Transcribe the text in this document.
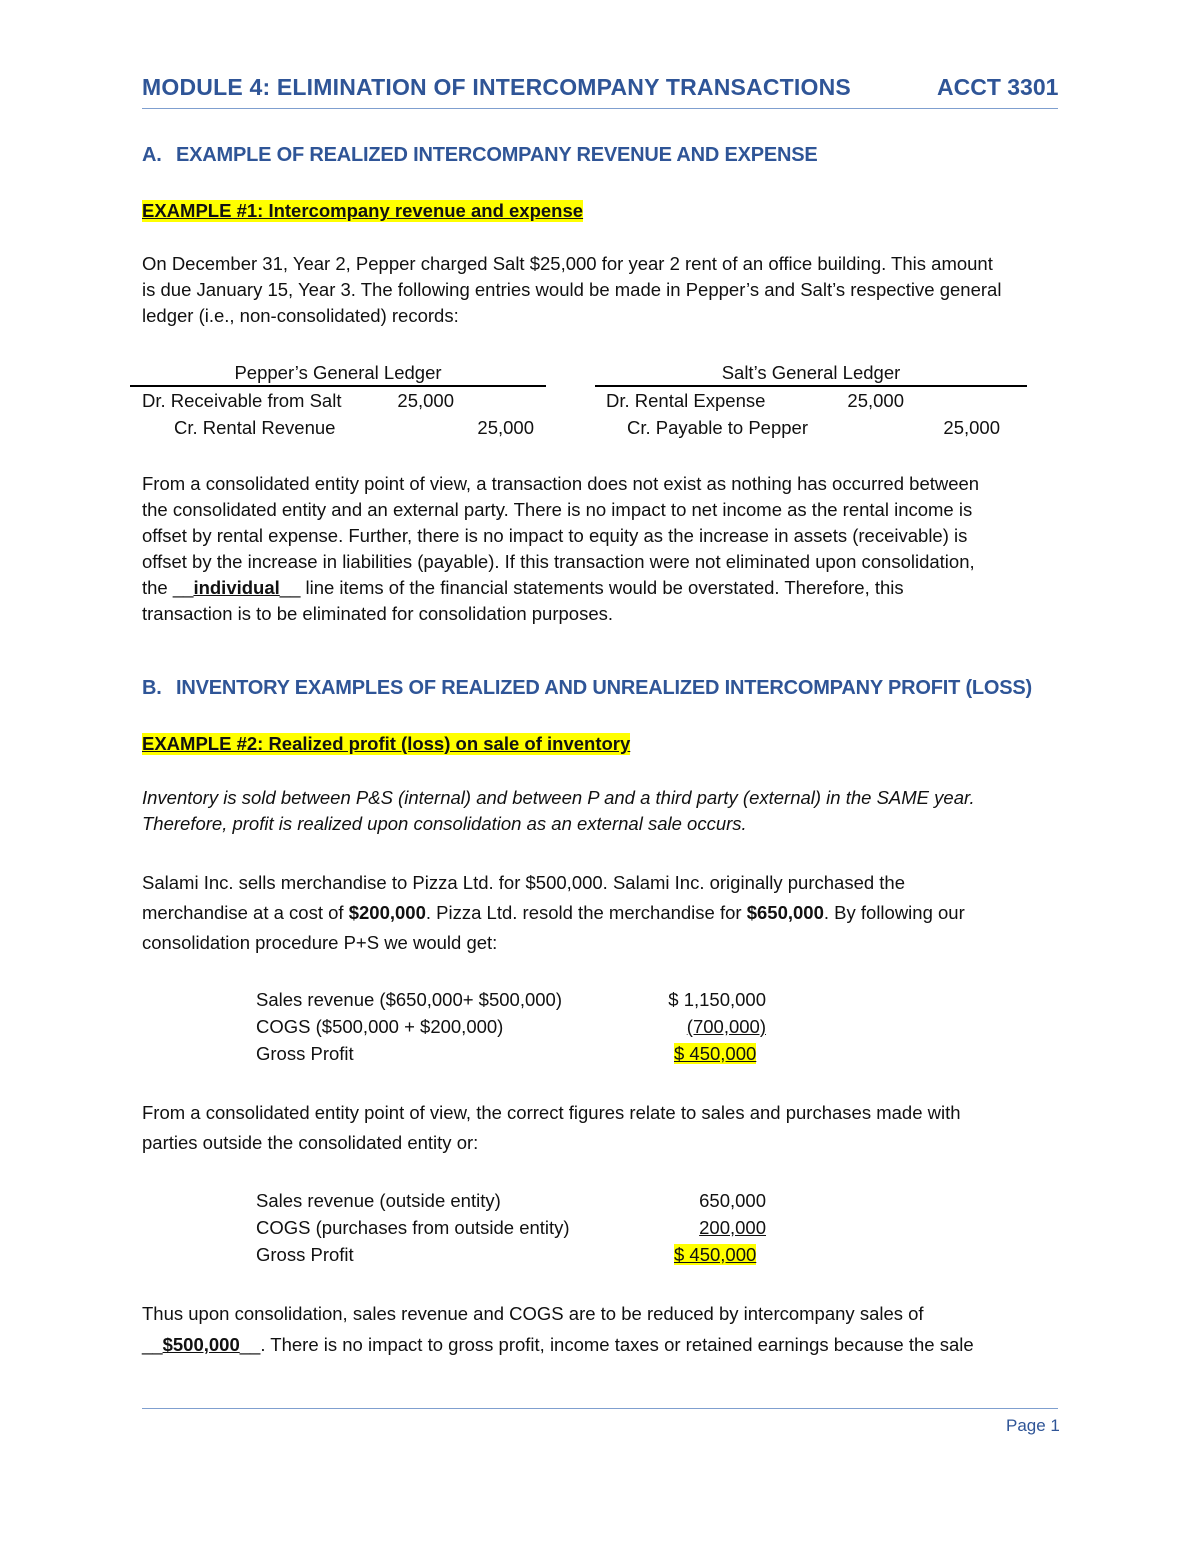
MODULE 4: ELIMINATION OF INTERCOMPANY TRANSACTIONS	ACCT 3301
A. EXAMPLE OF REALIZED INTERCOMPANY REVENUE AND EXPENSE
EXAMPLE #1: Intercompany revenue and expense
On December 31, Year 2, Pepper charged Salt $25,000 for year 2 rent of an office building. This amount
is due January 15, Year 3. The following entries would be made in Pepper’s and Salt’s respective general
ledger (i.e., non-consolidated) records:
Pepper’s General Ledger
Dr. Receivable from Salt	25,000
Cr. Rental Revenue	25,000
Salt’s General Ledger
Dr. Rental Expense	25,000
Cr. Payable to Pepper	25,000
From a consolidated entity point of view, a transaction does not exist as nothing has occurred between
the consolidated entity and an external party. There is no impact to net income as the rental income is
offset by rental expense. Further, there is no impact to equity as the increase in assets (receivable) is
offset by the increase in liabilities (payable). If this transaction were not eliminated upon consolidation,
the __individual__ line items of the financial statements would be overstated. Therefore, this
transaction is to be eliminated for consolidation purposes.
B. INVENTORY EXAMPLES OF REALIZED AND UNREALIZED INTERCOMPANY PROFIT (LOSS)
EXAMPLE #2: Realized profit (loss) on sale of inventory
Inventory is sold between P&S (internal) and between P and a third party (external) in the SAME year.
Therefore, profit is realized upon consolidation as an external sale occurs.
Salami Inc. sells merchandise to Pizza Ltd. for $500,000. Salami Inc. originally purchased the
merchandise at a cost of $200,000. Pizza Ltd. resold the merchandise for $650,000. By following our
consolidation procedure P+S we would get:
Sales revenue ($650,000+ $500,000)	$ 1,150,000
COGS ($500,000 + $200,000)	(700,000)
Gross Profit	$ 450,000
From a consolidated entity point of view, the correct figures relate to sales and purchases made with
parties outside the consolidated entity or:
Sales revenue (outside entity)	650,000
COGS (purchases from outside entity)	200,000
Gross Profit	$ 450,000
Thus upon consolidation, sales revenue and COGS are to be reduced by intercompany sales of
__$500,000__. There is no impact to gross profit, income taxes or retained earnings because the sale
Page 1
